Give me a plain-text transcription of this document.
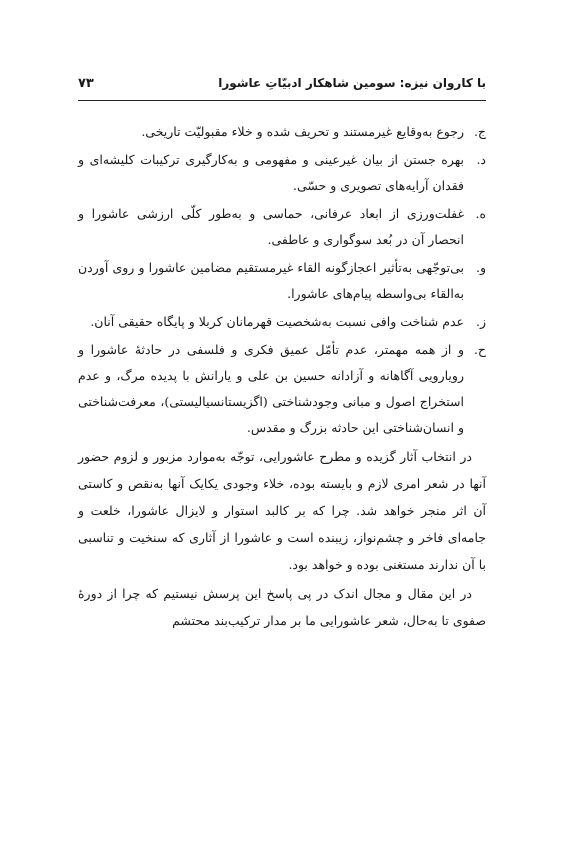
با کاروان نیزه: سومین شاهکار ادبیّاتِ عاشورا
۷۳
ج.
رجوع به‌وقایع غیرمستند و تحریف شده و خلاء مقبولیّت تاریخی.
د.
بهره جستن از بیان غیرعینی و مفهومی و به‌کارگیری ترکیبات کلیشه‌ای و فقدان آرایه‌های تصویری و حسّی.
ه.
غفلت‌ورزی از ابعاد عرفانی، حماسی و به‌طور کلّی ارزشی عاشورا و انحصار آن در بُعد سوگواری و عاطفی.
و.
بی‌توجّهی به‌تأثیر اعجازگونه القاء غیرمستقیم مضامین عاشورا و روی آوردن به‌القاء بی‌واسطه پیام‌های عاشورا.
ز.
عدم شناخت وافی نسبت به‌شخصیت قهرمانان کربلا و پایگاه حقیقی آنان.
ح.
و از همه مهمتر، عدم تأمّل عمیق فکری و فلسفی در حادثهٔ عاشورا و رویارویی آگاهانه و آزادانه حسین بن علی و یارانش با پدیده مرگ، و عدم استخراج اصول و مبانی وجودشناختی (اگزیستانسیالیستی)، معرفت‌شناختی و انسان‌شناختی این حادثه بزرگ و مقدس.

در انتخاب آثار گزیده و مطرح عاشورایی، توجّه به‌موارد مزبور و لزوم حضور آنها در شعر امری لازم و بایسته بوده، خلاء وجودی یکایک آنها به‌نقص و کاستی آن اثر منجر خواهد شد. چرا که بر کالبد استوار و لایزال عاشورا، خلعت و جامه‌ای فاخر و چشم‌نواز، زیبنده است و عاشورا از آثاری که سنخیت و تناسبی با آن ندارند مستغنی بوده و خواهد بود.

در این مقال و مجال اندک در پی پاسخ این پرسش نیستیم که چرا از دورهٔ صفوی تا به‌حال، شعر عاشورایی ما بر مدار ترکیب‌بند محتشم
